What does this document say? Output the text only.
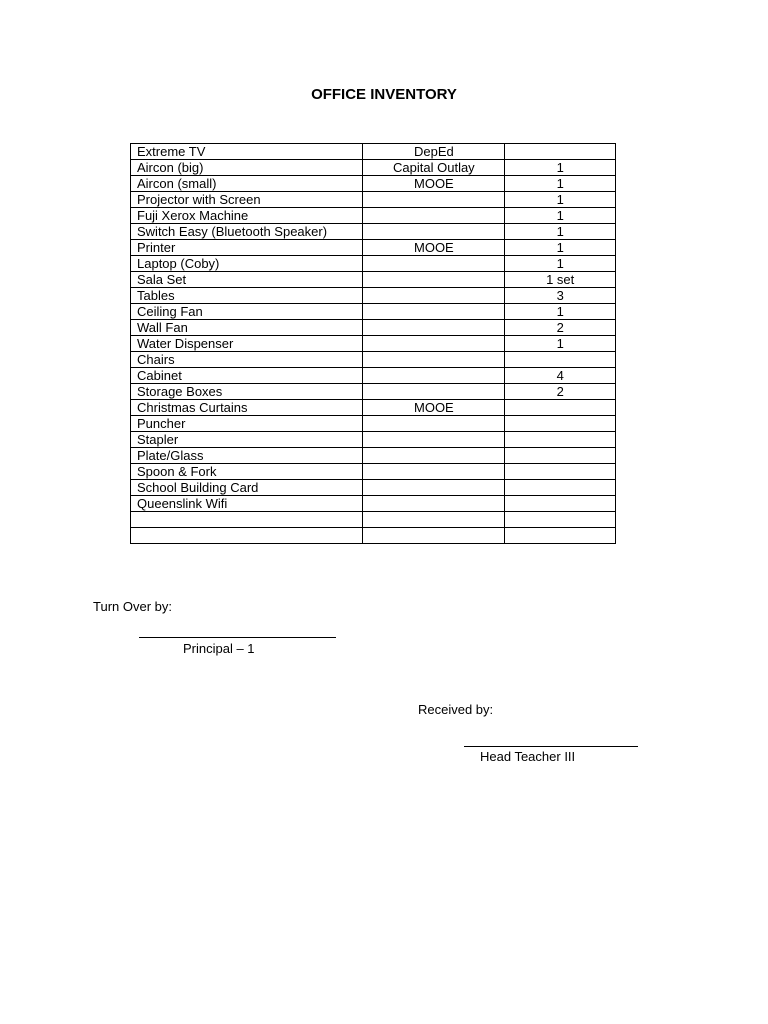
OFFICE INVENTORY
Extreme TV	DepEd	
Aircon (big)	Capital Outlay	1
Aircon (small)	MOOE	1
Projector with Screen		1
Fuji Xerox Machine		1
Switch Easy (Bluetooth Speaker)		1
Printer	MOOE	1
Laptop (Coby)		1
Sala Set		1 set
Tables		3
Ceiling Fan		1
Wall Fan		2
Water Dispenser		1
Chairs		
Cabinet		4
Storage Boxes		2
Christmas Curtains	MOOE	
Puncher		
Stapler		
Plate/Glass		
Spoon & Fork		
School Building Card		
Queenslink Wifi		

Turn Over by:
Principal – 1
Received by:
Head Teacher III
